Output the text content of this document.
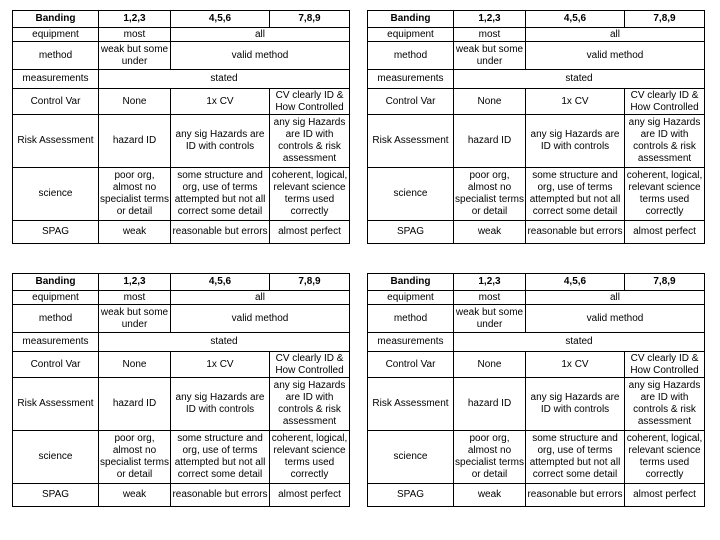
Banding	1,2,3	4,5,6	7,8,9
equipment	most	all	
method	weak but some under	valid method	
measurements	stated		
Control Var	None	1x CV	CV clearly ID & How Controlled
Risk Assessment	hazard ID	any sig Hazards are ID with controls	any sig Hazards are ID with controls & risk assessment
science	poor org, almost no specialist terms or detail	some structure and org, use of terms attempted but not all correct some detail	coherent, logical, relevant science terms used correctly
SPAG	weak	reasonable but errors	almost perfect
Banding	1,2,3	4,5,6	7,8,9
equipment	most	all	
method	weak but some under	valid method	
measurements	stated		
Control Var	None	1x CV	CV clearly ID & How Controlled
Risk Assessment	hazard ID	any sig Hazards are ID with controls	any sig Hazards are ID with controls & risk assessment
science	poor org, almost no specialist terms or detail	some structure and org, use of terms attempted but not all correct some detail	coherent, logical, relevant science terms used correctly
SPAG	weak	reasonable but errors	almost perfect
Banding	1,2,3	4,5,6	7,8,9
equipment	most	all	
method	weak but some under	valid method	
measurements	stated		
Control Var	None	1x CV	CV clearly ID & How Controlled
Risk Assessment	hazard ID	any sig Hazards are ID with controls	any sig Hazards are ID with controls & risk assessment
science	poor org, almost no specialist terms or detail	some structure and org, use of terms attempted but not all correct some detail	coherent, logical, relevant science terms used correctly
SPAG	weak	reasonable but errors	almost perfect
Banding	1,2,3	4,5,6	7,8,9
equipment	most	all	
method	weak but some under	valid method	
measurements	stated		
Control Var	None	1x CV	CV clearly ID & How Controlled
Risk Assessment	hazard ID	any sig Hazards are ID with controls	any sig Hazards are ID with controls & risk assessment
science	poor org, almost no specialist terms or detail	some structure and org, use of terms attempted but not all correct some detail	coherent, logical, relevant science terms used correctly
SPAG	weak	reasonable but errors	almost perfect
